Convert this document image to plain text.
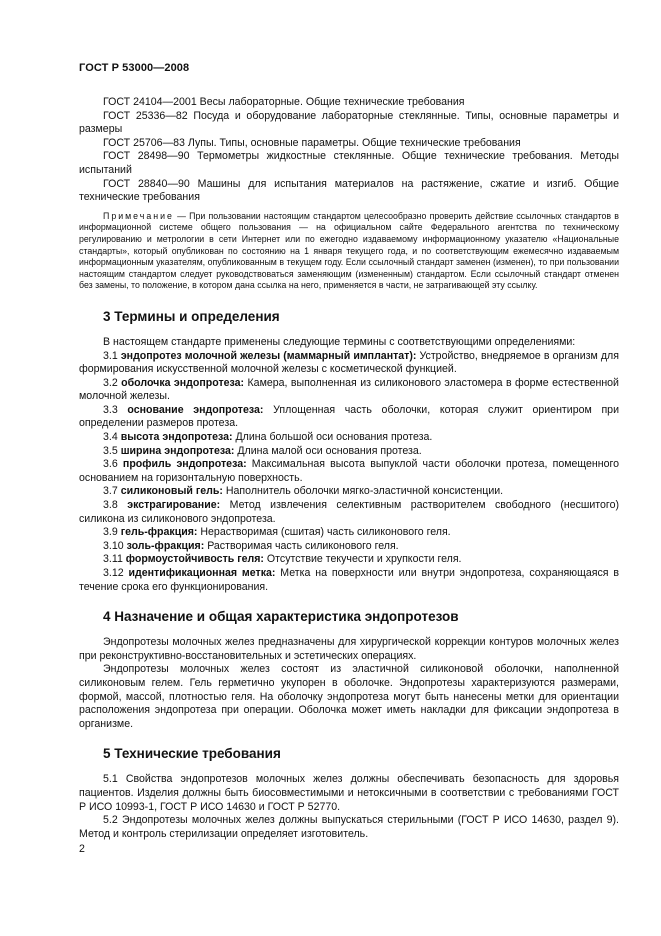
ГОСТ Р 53000—2008

ГОСТ 24104—2001 Весы лабораторные. Общие технические требования

ГОСТ 25336—82 Посуда и оборудование лабораторные стеклянные. Типы, основные параметры и размеры

ГОСТ 25706—83 Лупы. Типы, основные параметры. Общие технические требования

ГОСТ 28498—90 Термометры жидкостные стеклянные. Общие технические требования. Методы испытаний

ГОСТ 28840—90 Машины для испытания материалов на растяжение, сжатие и изгиб. Общие технические требования

Примечание — При пользовании настоящим стандартом целесообразно проверить действие ссылочных стандартов в информационной системе общего пользования — на официальном сайте Федерального агентства по техническому регулированию и метрологии в сети Интернет или по ежегодно издаваемому информационному указателю «Национальные стандарты», который опубликован по состоянию на 1 января текущего года, и по соответствующим ежемесячно издаваемым информационным указателям, опубликованным в текущем году. Если ссылочный стандарт заменен (изменен), то при пользовании настоящим стандартом следует руководствоваться заменяющим (измененным) стандартом. Если ссылочный стандарт отменен без замены, то положение, в котором дана ссылка на него, применяется в части, не затрагивающей эту ссылку.

3 Термины и определения

В настоящем стандарте применены следующие термины с соответствующими определениями:

3.1 эндопротез молочной железы (маммарный имплантат): Устройство, внедряемое в организм для формирования искусственной молочной железы с косметической функцией.

3.2 оболочка эндопротеза: Камера, выполненная из силиконового эластомера в форме естественной молочной железы.

3.3 основание эндопротеза: Уплощенная часть оболочки, которая служит ориентиром при определении размеров протеза.

3.4 высота эндопротеза: Длина большой оси основания протеза.

3.5 ширина эндопротеза: Длина малой оси основания протеза.

3.6 профиль эндопротеза: Максимальная высота выпуклой части оболочки протеза, помещенного основанием на горизонтальную поверхность.

3.7 силиконовый гель: Наполнитель оболочки мягко-эластичной консистенции.

3.8 экстрагирование: Метод извлечения селективным растворителем свободного (несшитого) силикона из силиконового эндопротеза.

3.9 гель-фракция: Нерастворимая (сшитая) часть силиконового геля.

3.10 золь-фракция: Растворимая часть силиконового геля.

3.11 формоустойчивость геля: Отсутствие текучести и хрупкости геля.

3.12 идентификационная метка: Метка на поверхности или внутри эндопротеза, сохраняющаяся в течение срока его функционирования.

4 Назначение и общая характеристика эндопротезов

Эндопротезы молочных желез предназначены для хирургической коррекции контуров молочных желез при реконструктивно-восстановительных и эстетических операциях.

Эндопротезы молочных желез состоят из эластичной силиконовой оболочки, наполненной силиконовым гелем. Гель герметично укупорен в оболочке. Эндопротезы характеризуются размерами, формой, массой, плотностью геля. На оболочку эндопротеза могут быть нанесены метки для ориентации расположения эндопротеза при операции. Оболочка может иметь накладки для фиксации эндопротеза в организме.

5 Технические требования

5.1 Свойства эндопротезов молочных желез должны обеспечивать безопасность для здоровья пациентов. Изделия должны быть биосовместимыми и нетоксичными в соответствии с требованиями ГОСТ Р ИСО 10993-1, ГОСТ Р ИСО 14630 и ГОСТ Р 52770.

5.2 Эндопротезы молочных желез должны выпускаться стерильными (ГОСТ Р ИСО 14630, раздел 9). Метод и контроль стерилизации определяет изготовитель.

2
